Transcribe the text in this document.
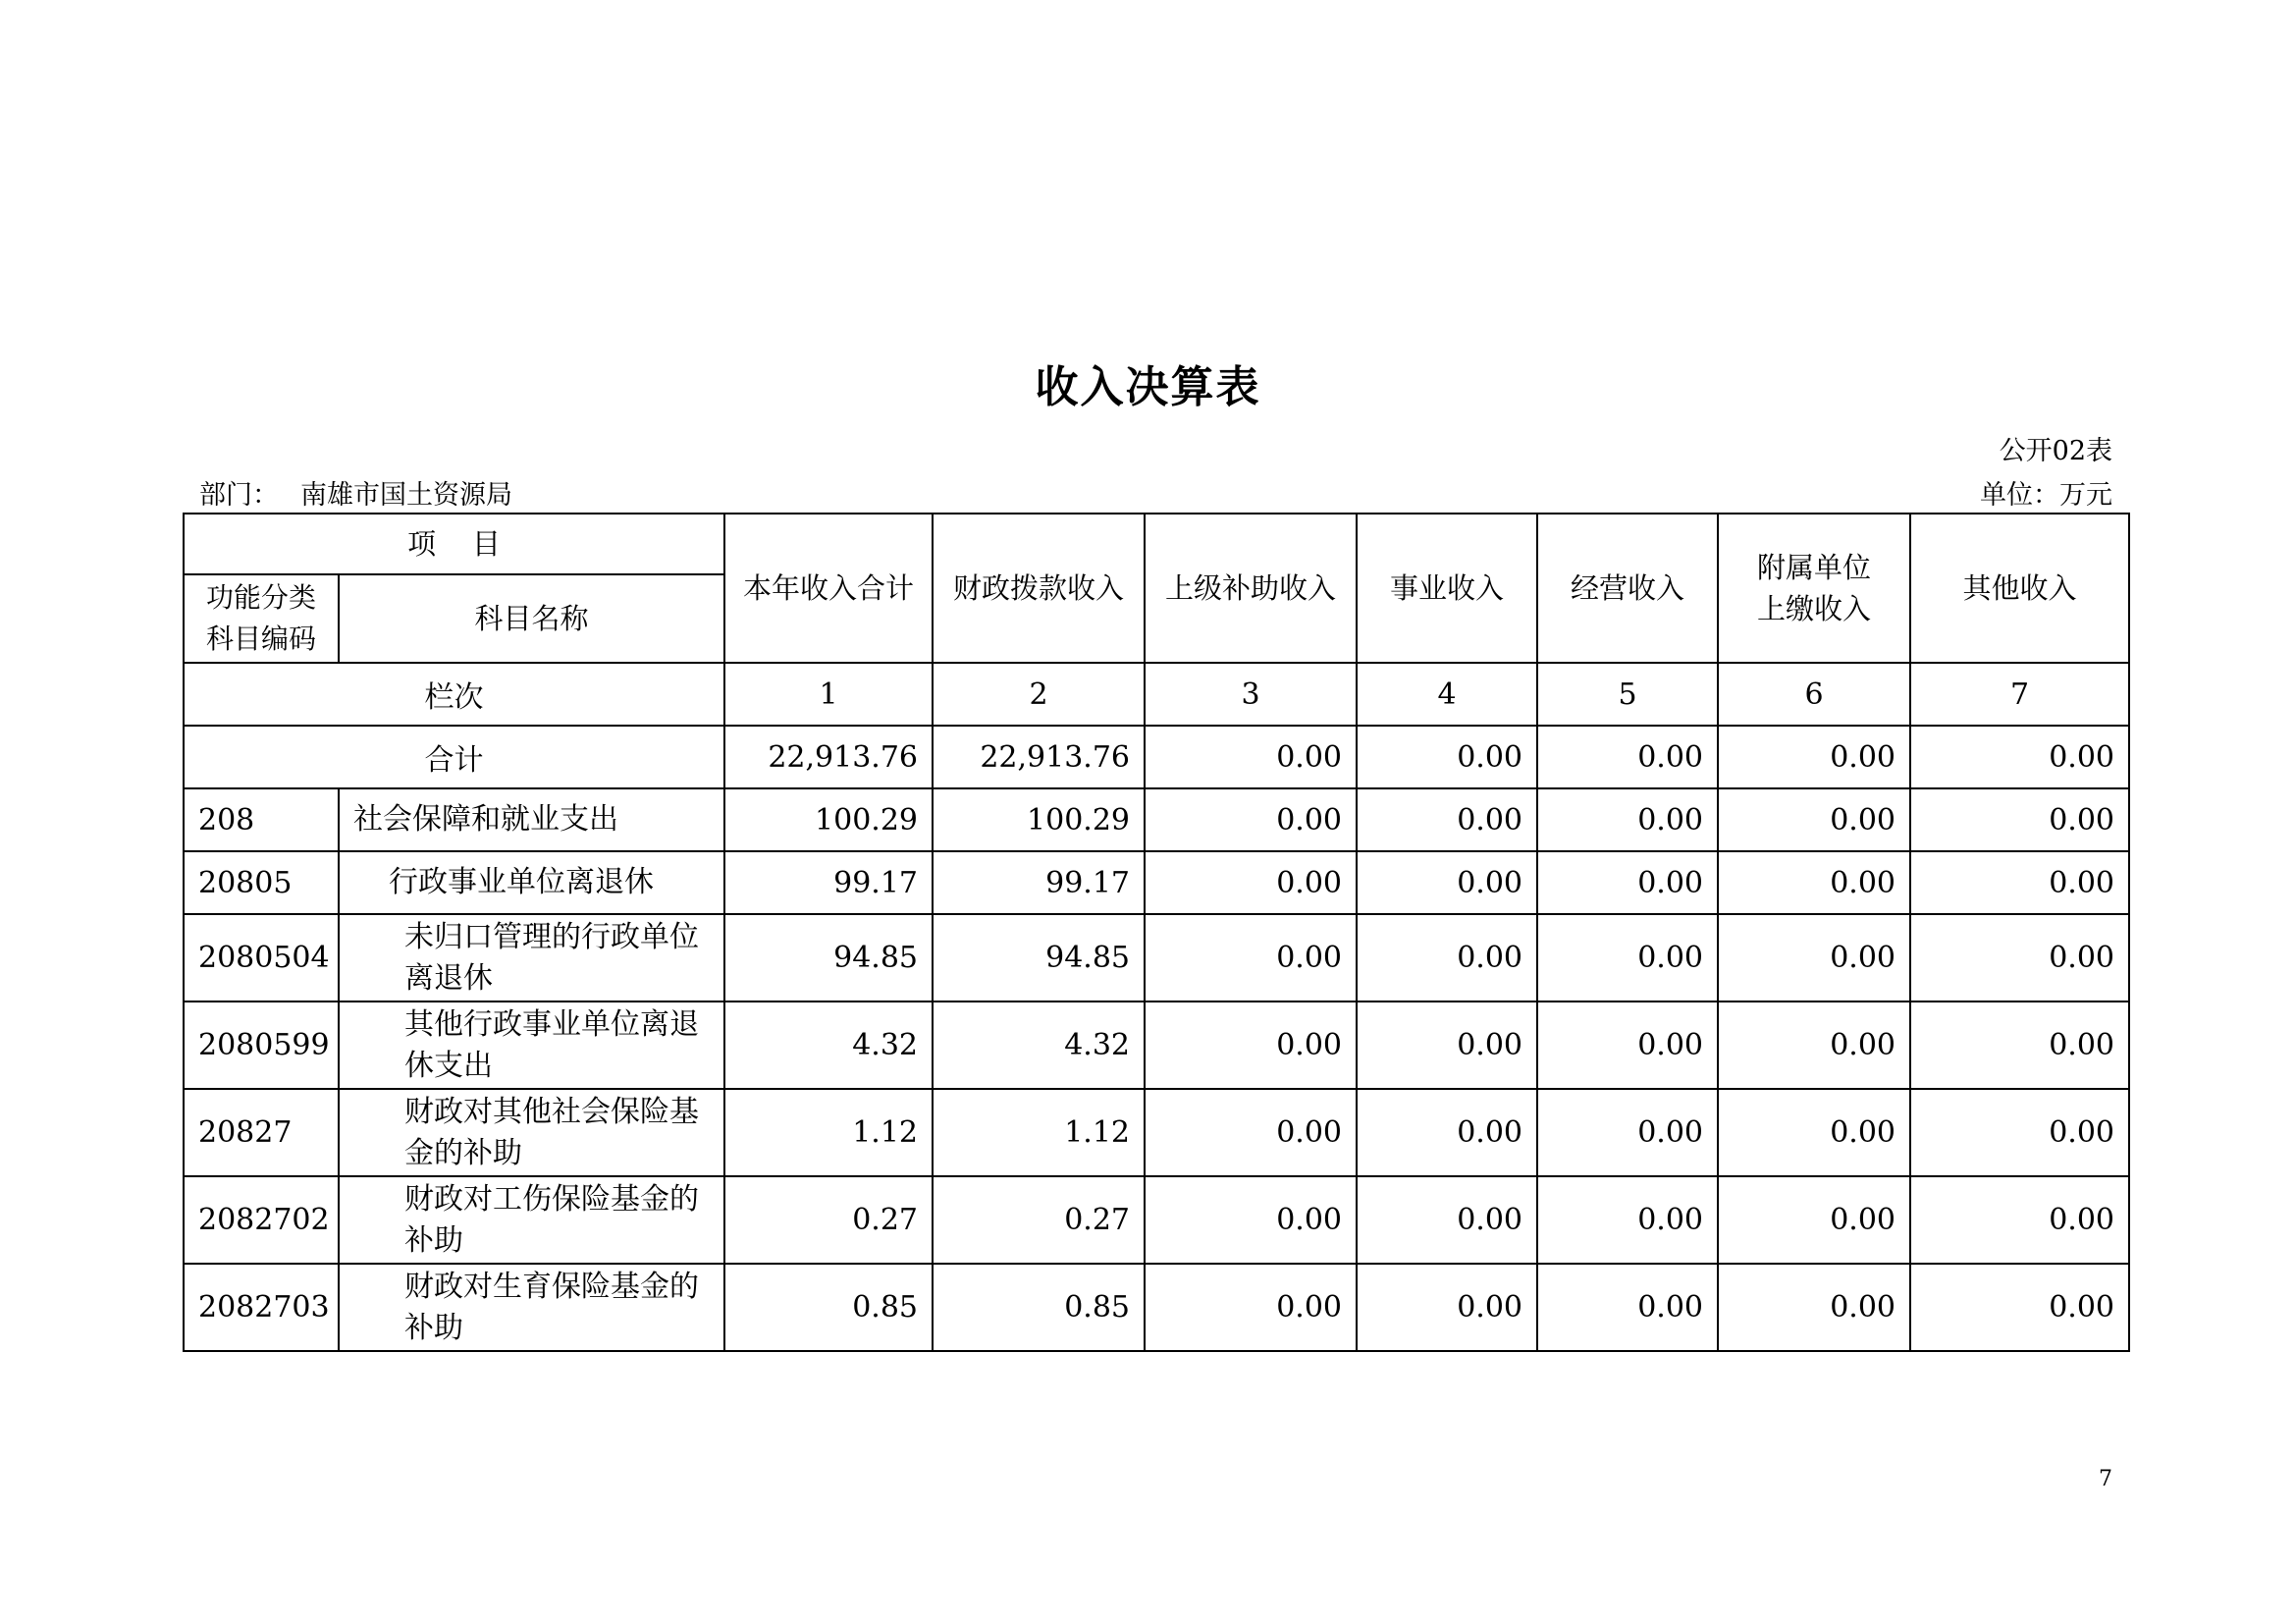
收入决算表
公开02表
部门： 南雄市国土资源局	单位：万元
项    目		本年收入合计	财政拨款收入	上级补助收入	事业收入	经营收入	附属单位上缴收入	其他收入
功能分类科目编码	科目名称							
栏次		1	2	3	4	5	6	7
合计		22,913.76	22,913.76	0.00	0.00	0.00	0.00	0.00
208	社会保障和就业支出	100.29	100.29	0.00	0.00	0.00	0.00	0.00
20805	行政事业单位离退休	99.17	99.17	0.00	0.00	0.00	0.00	0.00
2080504	未归口管理的行政单位离退休	94.85	94.85	0.00	0.00	0.00	0.00	0.00
2080599	其他行政事业单位离退休支出	4.32	4.32	0.00	0.00	0.00	0.00	0.00
20827	财政对其他社会保险基金的补助	1.12	1.12	0.00	0.00	0.00	0.00	0.00
2082702	财政对工伤保险基金的补助	0.27	0.27	0.00	0.00	0.00	0.00	0.00
2082703	财政对生育保险基金的补助	0.85	0.85	0.00	0.00	0.00	0.00	0.00
7
